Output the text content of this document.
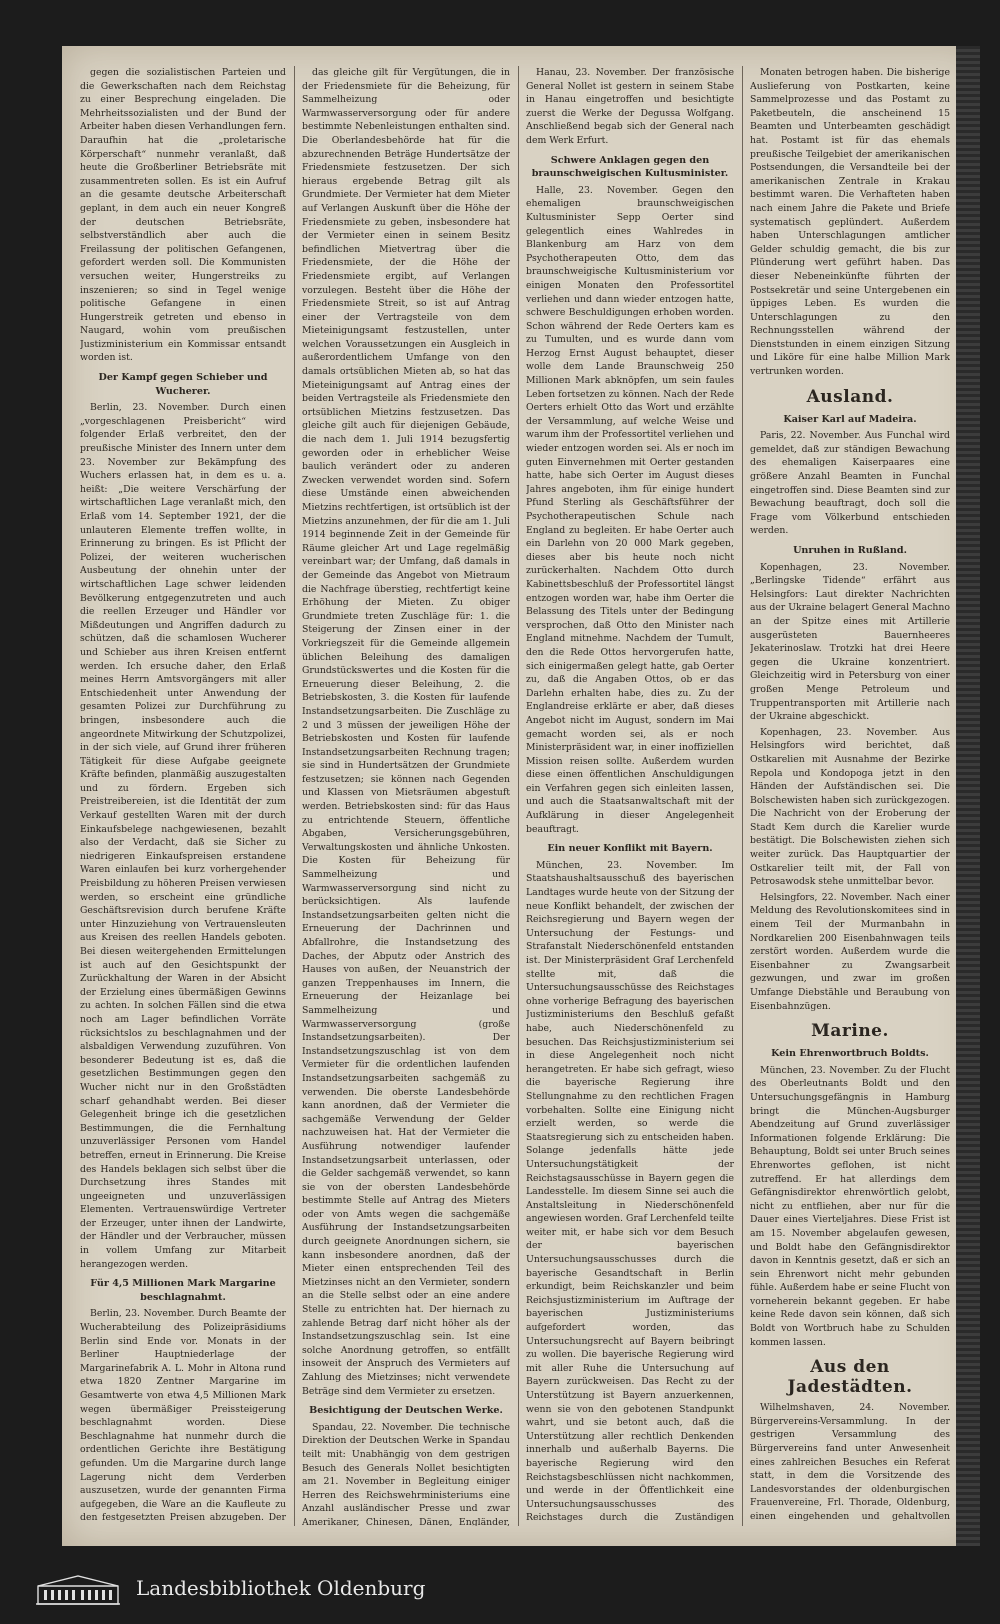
gegen die sozialistischen Parteien und die Gewerkschaften nach dem Reichstag zu einer Besprechung eingeladen. Die Mehrheitssozialisten und der Bund der Arbeiter haben diesen Verhandlungen fern. Daraufhin hat die „proletarische Körperschaft“ nunmehr veranlaßt, daß heute die Großberliner Betriebsräte mit zusammentreten sollen. Es ist ein Aufruf an die gesamte deutsche Arbeiterschaft geplant, in dem auch ein neuer Kongreß der deutschen Betriebsräte, selbstverständlich aber auch die Freilassung der politischen Gefangenen, gefordert werden soll. Die Kommunisten versuchen weiter, Hungerstreiks zu inszenieren; so sind in Tegel wenige politische Gefangene in einen Hungerstreik getreten und ebenso in Naugard, wohin vom preußischen Justizministerium ein Kommissar entsandt worden ist.

Der Kampf gegen Schieber und Wucherer.

Berlin, 23. November. Durch einen „vorgeschlagenen Preisbericht“ wird folgender Erlaß verbreitet, den der preußische Minister des Innern unter dem 23. November zur Bekämpfung des Wuchers erlassen hat, in dem es u. a. heißt: „Die weitere Verschärfung der wirtschaftlichen Lage veranlaßt mich, den Erlaß vom 14. September 1921, der die unlauteren Elemente treffen wollte, in Erinnerung zu bringen. Es ist Pflicht der Polizei, der weiteren wucherischen Ausbeutung der ohnehin unter der wirtschaftlichen Lage schwer leidenden Bevölkerung entgegenzutreten und auch die reellen Erzeuger und Händler vor Mißdeutungen und Angriffen dadurch zu schützen, daß die schamlosen Wucherer und Schieber aus ihren Kreisen entfernt werden. Ich ersuche daher, den Erlaß meines Herrn Amtsvorgängers mit aller Entschiedenheit unter Anwendung der gesamten Polizei zur Durchführung zu bringen, insbesondere auch die angeordnete Mitwirkung der Schutzpolizei, in der sich viele, auf Grund ihrer früheren Tätigkeit für diese Aufgabe geeignete Kräfte befinden, planmäßig auszugestalten und zu fördern. Ergeben sich Preistreibereien, ist die Identität der zum Verkauf gestellten Waren mit der durch Einkaufsbelege nachgewiesenen, bezahlt also der Verdacht, daß sie Sicher zu niedrigeren Einkaufspreisen erstandene Waren einlaufen bei kurz vorhergehender Preisbildung zu höheren Preisen verwiesen werden, so erscheint eine gründliche Geschäftsrevision durch berufene Kräfte unter Hinzuziehung von Vertrauensleuten aus Kreisen des reellen Handels geboten. Bei diesen weitergehenden Ermittelungen ist auch auf den Gesichtspunkt der Zurückhaltung der Waren in der Absicht der Erzielung eines übermäßigen Gewinns zu achten. In solchen Fällen sind die etwa noch am Lager befindlichen Vorräte rücksichtslos zu beschlagnahmen und der alsbaldigen Verwendung zuzuführen. Von besonderer Bedeutung ist es, daß die gesetzlichen Bestimmungen gegen den Wucher nicht nur in den Großstädten scharf gehandhabt werden. Bei dieser Gelegenheit bringe ich die gesetzlichen Bestimmungen, die die Fernhaltung unzuverlässiger Personen vom Handel betreffen, erneut in Erinnerung. Die Kreise des Handels beklagen sich selbst über die Durchsetzung ihres Standes mit ungeeigneten und unzuverlässigen Elementen. Vertrauenswürdige Vertreter der Erzeuger, unter ihnen der Landwirte, der Händler und der Verbraucher, müssen in vollem Umfang zur Mitarbeit herangezogen werden.

Für 4,5 Millionen Mark Margarine beschlagnahmt.

Berlin, 23. November. Durch Beamte der Wucherabteilung des Polizeipräsidiums Berlin sind Ende vor. Monats in der Berliner Hauptniederlage der Margarinefabrik A. L. Mohr in Altona rund etwa 1820 Zentner Margarine im Gesamtwerte von etwa 4,5 Millionen Mark wegen übermäßiger Preissteigerung beschlagnahmt worden. Diese Beschlagnahme hat nunmehr durch die ordentlichen Gerichte ihre Bestätigung gefunden. Um die Margarine durch lange Lagerung nicht dem Verderben auszusetzen, wurde der genannten Firma aufgegeben, die Ware an die Kaufleute zu den festgesetzten Preisen abzugeben. Der

das gleiche gilt für Vergütungen, die in der Friedensmiete für die Beheizung, für Sammelheizung oder Warmwasserversorgung oder für andere bestimmte Nebenleistungen enthalten sind. Die Oberlandesbehörde hat für die abzurechnenden Beträge Hundertsätze der Friedensmiete festzusetzen. Der sich hieraus ergebende Betrag gilt als Grundmiete. Der Vermieter hat dem Mieter auf Verlangen Auskunft über die Höhe der Friedensmiete zu geben, insbesondere hat der Vermieter einen in seinem Besitz befindlichen Mietvertrag über die Friedensmiete, der die Höhe der Friedensmiete ergibt, auf Verlangen vorzulegen. Besteht über die Höhe der Friedensmiete Streit, so ist auf Antrag einer der Vertragsteile von dem Mieteinigungsamt festzustellen, unter welchen Voraussetzungen ein Ausgleich in außerordentlichem Umfange von den damals ortsüblichen Mieten ab, so hat das Mieteinigungsamt auf Antrag eines der beiden Vertragsteile als Friedensmiete den ortsüblichen Mietzins festzusetzen. Das gleiche gilt auch für diejenigen Gebäude, die nach dem 1. Juli 1914 bezugsfertig geworden oder in erheblicher Weise baulich verändert oder zu anderen Zwecken verwendet worden sind. Sofern diese Umstände einen abweichenden Mietzins rechtfertigen, ist ortsüblich ist der Mietzins anzunehmen, der für die am 1. Juli 1914 beginnende Zeit in der Gemeinde für Räume gleicher Art und Lage regelmäßig vereinbart war; der Umfang, daß damals in der Gemeinde das Angebot von Mietraum die Nachfrage überstieg, rechtfertigt keine Erhöhung der Mieten. Zu obiger Grundmiete treten Zuschläge für: 1. die Steigerung der Zinsen einer in der Vorkriegszeit für die Gemeinde allgemein üblichen Beleihung des damaligen Grundstückswertes und die Kosten für die Erneuerung dieser Beleihung, 2. die Betriebskosten, 3. die Kosten für laufende Instandsetzungsarbeiten. Die Zuschläge zu 2 und 3 müssen der jeweiligen Höhe der Betriebskosten und Kosten für laufende Instandsetzungsarbeiten Rechnung tragen; sie sind in Hundertsätzen der Grundmiete festzusetzen; sie können nach Gegenden und Klassen von Mietsräumen abgestuft werden. Betriebskosten sind: für das Haus zu entrichtende Steuern, öffentliche Abgaben, Versicherungsgebühren, Verwaltungskosten und ähnliche Unkosten. Die Kosten für Beheizung für Sammelheizung und Warmwasserversorgung sind nicht zu berücksichtigen. Als laufende Instandsetzungsarbeiten gelten nicht die Erneuerung der Dachrinnen und Abfallrohre, die Instandsetzung des Daches, der Abputz oder Anstrich des Hauses von außen, der Neuanstrich der ganzen Treppenhauses im Innern, die Erneuerung der Heizanlage bei Sammelheizung und Warmwasserversorgung (große Instandsetzungsarbeiten). Der Instandsetzungszuschlag ist von dem Vermieter für die ordentlichen laufenden Instandsetzungsarbeiten sachgemäß zu verwenden. Die oberste Landesbehörde kann anordnen, daß der Vermieter die sachgemäße Verwendung der Gelder nachzuweisen hat. Hat der Vermieter die Ausführung notwendiger laufender Instandsetzungsarbeit unterlassen, oder die Gelder sachgemäß verwendet, so kann sie von der obersten Landesbehörde bestimmte Stelle auf Antrag des Mieters oder von Amts wegen die sachgemäße Ausführung der Instandsetzungsarbeiten durch geeignete Anordnungen sichern, sie kann insbesondere anordnen, daß der Mieter einen entsprechenden Teil des Mietzinses nicht an den Vermieter, sondern an die Stelle selbst oder an eine andere Stelle zu entrichten hat. Der hiernach zu zahlende Betrag darf nicht höher als der Instandsetzungszuschlag sein. Ist eine solche Anordnung getroffen, so entfällt insoweit der Anspruch des Vermieters auf Zahlung des Mietzinses; nicht verwendete Beträge sind dem Vermieter zu ersetzen.

Besichtigung der Deutschen Werke.

Spandau, 22. November. Die technische Direktion der Deutschen Werke in Spandau teilt mit: Unabhängig von dem gestrigen Besuch des Generals Nollet besichtigten am 21. November in Begleitung einiger Herren des Reichswehrministeriums eine Anzahl ausländischer Presse und zwar Amerikaner, Chinesen, Dänen, Engländer,

Hanau, 23. November. Der französische General Nollet ist gestern in seinem Stabe in Hanau eingetroffen und besichtigte zuerst die Werke der Degussa Wolfgang. Anschließend begab sich der General nach dem Werk Erfurt.

Schwere Anklagen gegen den braunschweigischen Kultusminister.

Halle, 23. November. Gegen den ehemaligen braunschweigischen Kultusminister Sepp Oerter sind gelegentlich eines Wahlredes in Blankenburg am Harz von dem Psychotherapeuten Otto, dem das braunschweigische Kultusministerium vor einigen Monaten den Professortitel verliehen und dann wieder entzogen hatte, schwere Beschuldigungen erhoben worden. Schon während der Rede Oerters kam es zu Tumulten, und es wurde dann vom Herzog Ernst August behauptet, dieser wolle dem Lande Braunschweig 250 Millionen Mark abknöpfen, um sein faules Leben fortsetzen zu können. Nach der Rede Oerters erhielt Otto das Wort und erzählte der Versammlung, auf welche Weise und warum ihm der Professortitel verliehen und wieder entzogen worden sei. Als er noch im guten Einvernehmen mit Oerter gestanden hatte, habe sich Oerter im August dieses Jahres angeboten, ihm für einige hundert Pfund Sterling als Geschäftsführer der Psychotherapeutischen Schule nach England zu begleiten. Er habe Oerter auch ein Darlehn von 20 000 Mark gegeben, dieses aber bis heute noch nicht zurückerhalten. Nachdem Otto durch Kabinettsbeschluß der Professortitel längst entzogen worden war, habe ihm Oerter die Belassung des Titels unter der Bedingung versprochen, daß Otto den Minister nach England mitnehme. Nachdem der Tumult, den die Rede Ottos hervorgerufen hatte, sich einigermaßen gelegt hatte, gab Oerter zu, daß die Angaben Ottos, ob er das Darlehn erhalten habe, dies zu. Zu der Englandreise erklärte er aber, daß dieses Angebot nicht im August, sondern im Mai gemacht worden sei, als er noch Ministerpräsident war, in einer inoffiziellen Mission reisen sollte. Außerdem wurden diese einen öffentlichen Anschuldigungen ein Verfahren gegen sich einleiten lassen, und auch die Staatsanwaltschaft mit der Aufklärung in dieser Angelegenheit beauftragt.

Ein neuer Konflikt mit Bayern.

München, 23. November. Im Staatshaushaltsausschuß des bayerischen Landtages wurde heute von der Sitzung der neue Konflikt behandelt, der zwischen der Reichsregierung und Bayern wegen der Untersuchung der Festungs- und Strafanstalt Niederschönenfeld entstanden ist. Der Ministerpräsident Graf Lerchenfeld stellte mit, daß die Untersuchungsausschüsse des Reichstages ohne vorherige Befragung des bayerischen Justizministeriums den Beschluß gefaßt habe, auch Niederschönenfeld zu besuchen. Das Reichsjustizministerium sei in diese Angelegenheit noch nicht herangetreten. Er habe sich gefragt, wieso die bayerische Regierung ihre Stellungnahme zu den rechtlichen Fragen vorbehalten. Sollte eine Einigung nicht erzielt werden, so werde die Staatsregierung sich zu entscheiden haben. Solange jedenfalls hätte jede Untersuchungstätigkeit der Reichstagsausschüsse in Bayern gegen die Landesstelle. Im diesem Sinne sei auch die Anstaltsleitung in Niederschönenfeld angewiesen worden. Graf Lerchenfeld teilte weiter mit, er habe sich vor dem Besuch der bayerischen Untersuchungsausschusses durch die bayerische Gesandtschaft in Berlin erkundigt, beim Reichskanzler und beim Reichsjustizministerium im Auftrage der bayerischen Justizministeriums aufgefordert worden, das Untersuchungsrecht auf Bayern beibringt zu wollen. Die bayerische Regierung wird mit aller Ruhe die Untersuchung auf Bayern zurückweisen. Das Recht zu der Unterstützung ist Bayern anzuerkennen, wenn sie von den gebotenen Standpunkt wahrt, und sie betont auch, daß die Unterstützung aller rechtlich Denkenden innerhalb und außerhalb Bayerns. Die bayerische Regierung wird den Reichstagsbeschlüssen nicht nachkommen, und werde in der Öffentlichkeit eine Untersuchungsausschusses des Reichstages durch die Zuständigen

Monaten betrogen haben. Die bisherige Auslieferung von Postkarten, keine Sammelprozesse und das Postamt zu Paketbeuteln, die anscheinend 15 Beamten und Unterbeamten geschädigt hat. Postamt ist für das ehemals preußische Teilgebiet der amerikanischen Postsendungen, die Versandteile bei der amerikanischen Zentrale in Krakau bestimmt waren. Die Verhafteten haben nach einem Jahre die Pakete und Briefe systematisch geplündert. Außerdem haben Unterschlagungen amtlicher Gelder schuldig gemacht, die bis zur Plünderung wert geführt haben. Das dieser Nebeneinkünfte führten der Postsekretär und seine Untergebenen ein üppiges Leben. Es wurden die Unterschlagungen zu den Rechnungsstellen während der Dienststunden in einem einzigen Sitzung und Liköre für eine halbe Million Mark vertrunken worden.

Ausland.
Kaiser Karl auf Madeira.

Paris, 22. November. Aus Funchal wird gemeldet, daß zur ständigen Bewachung des ehemaligen Kaiserpaares eine größere Anzahl Beamten in Funchal eingetroffen sind. Diese Beamten sind zur Bewachung beauftragt, doch soll die Frage vom Völkerbund entschieden werden.

Unruhen in Rußland.

Kopenhagen, 23. November. „Berlingske Tidende“ erfährt aus Helsingfors: Laut direkter Nachrichten aus der Ukraine belagert General Machno an der Spitze eines mit Artillerie ausgerüsteten Bauernheeres Jekaterinoslaw. Trotzki hat drei Heere gegen die Ukraine konzentriert. Gleichzeitig wird in Petersburg von einer großen Menge Petroleum und Truppentransporten mit Artillerie nach der Ukraine abgeschickt.

Kopenhagen, 23. November. Aus Helsingfors wird berichtet, daß Ostkarelien mit Ausnahme der Bezirke Repola und Kondopoga jetzt in den Händen der Aufständischen sei. Die Bolschewisten haben sich zurückgezogen. Die Nachricht von der Eroberung der Stadt Kem durch die Karelier wurde bestätigt. Die Bolschewisten ziehen sich weiter zurück. Das Hauptquartier der Ostkarelier teilt mit, der Fall von Petrosawodsk stehe unmittelbar bevor.

Helsingfors, 22. November. Nach einer Meldung des Revolutionskomitees sind in einem Teil der Murmanbahn in Nordkarelien 200 Eisenbahnwagen teils zerstört worden. Außerdem wurde die Eisenbahner zu Zwangsarbeit gezwungen, und zwar im großen Umfange Diebstähle und Beraubung von Eisenbahnzügen.

Marine.
Kein Ehrenwortbruch Boldts.

München, 23. November. Zu der Flucht des Oberleutnants Boldt und den Untersuchungsgefängnis in Hamburg bringt die München-Augsburger Abendzeitung auf Grund zuverlässiger Informationen folgende Erklärung: Die Behauptung, Boldt sei unter Bruch seines Ehrenwortes geflohen, ist nicht zutreffend. Er hat allerdings dem Gefängnisdirektor ehrenwörtlich gelobt, nicht zu entfliehen, aber nur für die Dauer eines Vierteljahres. Diese Frist ist am 15. November abgelaufen gewesen, und Boldt habe den Gefängnisdirektor davon in Kenntnis gesetzt, daß er sich an sein Ehrenwort nicht mehr gebunden fühle. Außerdem habe er seine Flucht von vorneherein bekannt gegeben. Er habe keine Rede davon sein können, daß sich Boldt von Wortbruch habe zu Schulden kommen lassen.

Aus den Jadestädten.

Wilhelmshaven, 24. November. Bürgervereins-Versammlung. In der gestrigen Versammlung des Bürgervereins fand unter Anwesenheit eines zahlreichen Besuches ein Referat statt, in dem die Vorsitzende des Landesvorstandes der oldenburgischen Frauenvereine, Frl. Thorade, Oldenburg, einen eingehenden und gehaltvollen

Landesbibliothek Oldenburg
